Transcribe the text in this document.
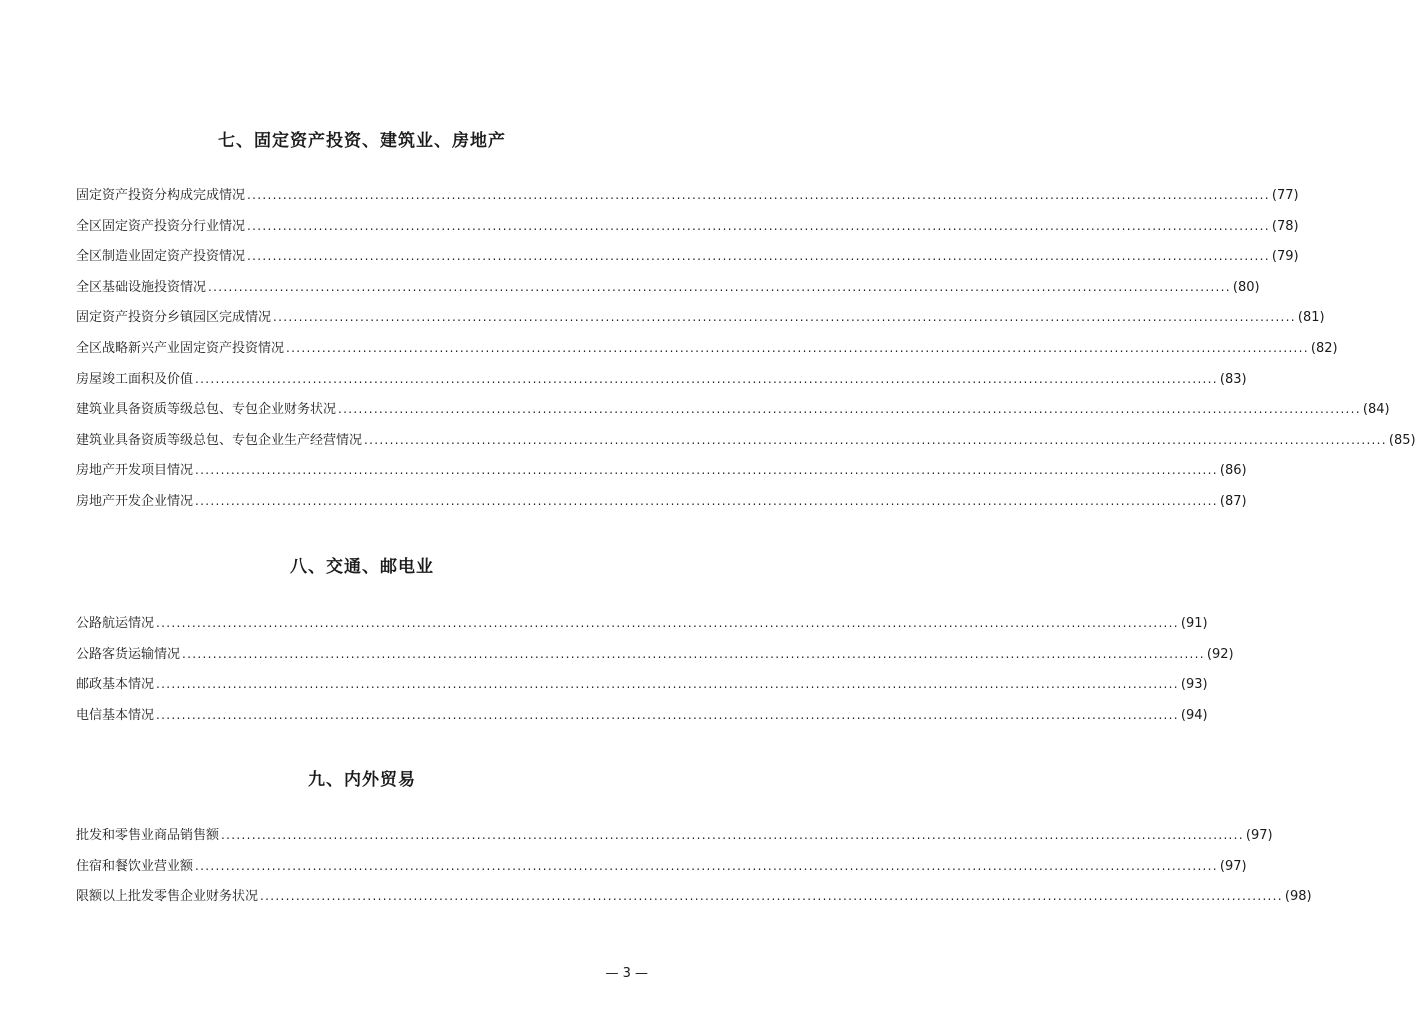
七、固定资产投资、建筑业、房地产
固定资产投资分构成完成情况 ........................................................................................................................................................................................................ (77)
全区固定资产投资分行业情况 ........................................................................................................................................................................................................ (78)
全区制造业固定资产投资情况 ........................................................................................................................................................................................................ (79)
全区基础设施投资情况 ........................................................................................................................................................................................................ (80)
固定资产投资分乡镇园区完成情况 ........................................................................................................................................................................................................ (81)
全区战略新兴产业固定资产投资情况 ........................................................................................................................................................................................................ (82)
房屋竣工面积及价值 ........................................................................................................................................................................................................ (83)
建筑业具备资质等级总包、专包企业财务状况 ........................................................................................................................................................................................................ (84)
建筑业具备资质等级总包、专包企业生产经营情况 ........................................................................................................................................................................................................ (85)
房地产开发项目情况 ........................................................................................................................................................................................................ (86)
房地产开发企业情况 ........................................................................................................................................................................................................ (87)
八、交通、邮电业
公路航运情况 ........................................................................................................................................................................................................ (91)
公路客货运输情况 ........................................................................................................................................................................................................ (92)
邮政基本情况 ........................................................................................................................................................................................................ (93)
电信基本情况 ........................................................................................................................................................................................................ (94)
九、内外贸易
批发和零售业商品销售额 ........................................................................................................................................................................................................ (97)
住宿和餐饮业营业额 ........................................................................................................................................................................................................ (97)
限额以上批发零售企业财务状况 ........................................................................................................................................................................................................ (98)
— 3 —
